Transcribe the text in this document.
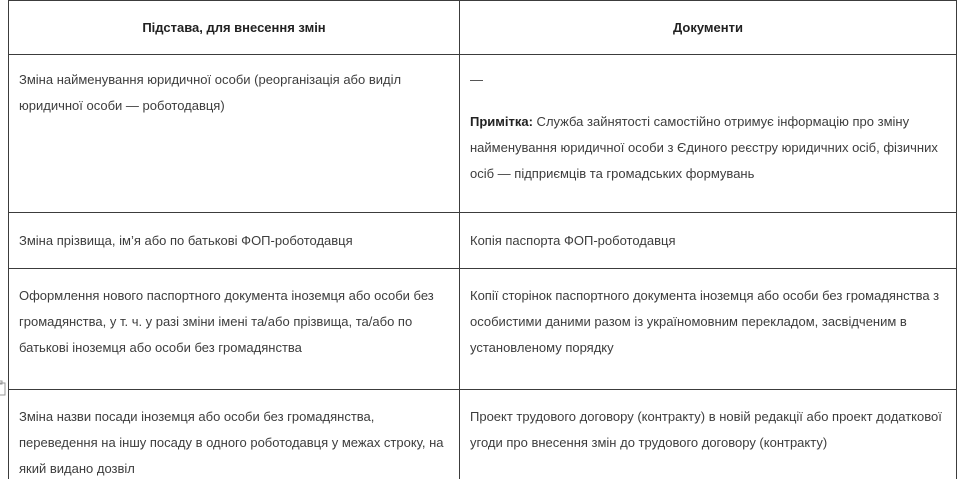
Підстава, для внесення змін	Документи
Зміна найменування юридичної особи (реорганізація або виділ юридичної особи — роботодавця)	—
Примітка: Служба зайнятості самостійно отримує інформацію про зміну найменування юридичної особи з Єдиного реєстру юридичних осіб, фізичних осіб — підприємців та громадських формувань

Зміна прізвища, ім’я або по батькові ФОП-роботодавця	Копія паспорта ФОП-роботодавця
Оформлення нового паспортного документа іноземця або особи без громадянства, у т. ч. у разі зміни імені та/або прізвища, та/або по батькові іноземця або особи без громадянства	Копії сторінок паспортного документа іноземця або особи без громадянства з особистими даними разом із україномовним перекладом, засвідченим в установленому порядку
Зміна назви посади іноземця або особи без громадянства, переведення на іншу посаду в одного роботодавця у межах строку, на який видано дозвіл	Проект трудового договору (контракту) в новій редакції або проект додаткової угоди про внесення змін до трудового договору (контракту)
